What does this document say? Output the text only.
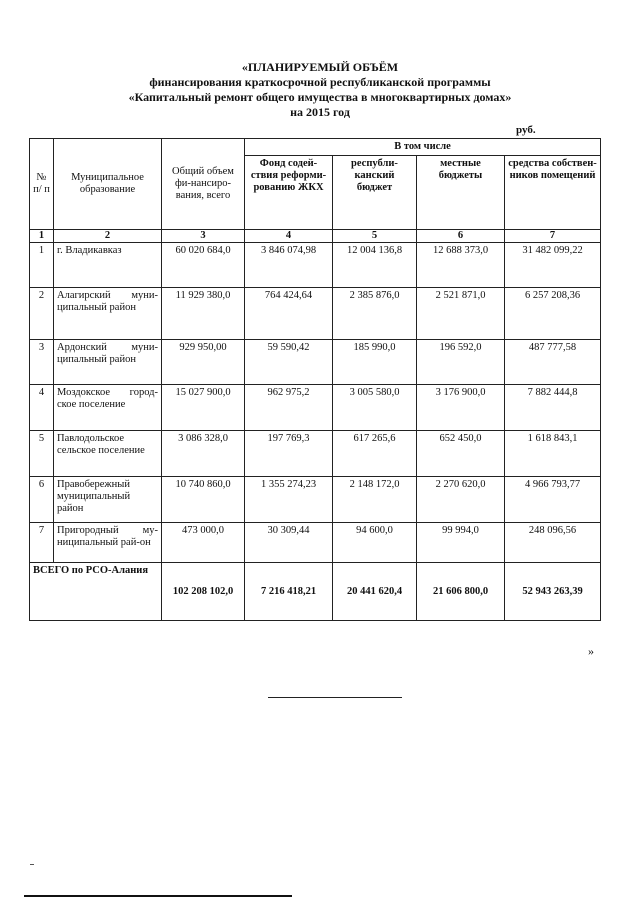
«ПЛАНИРУЕМЫЙ ОБЪЁМ
финансирования краткосрочной республиканской программы
«Капитальный ремонт общего имущества в многоквартирных домах»
на 2015 год
руб.
№ п/ п	Муниципальное образование	Общий объем фи-нансиро-вания, всего	В том числе			
			Фонд содей-ствия реформи-рованию ЖКХ	республи-канский бюджет	местные бюджеты	средства собствен-ников помещений
1	2	3	4	5	6	7
1	г. Владикавказ	60 020 684,0	3 846 074,98	12 004 136,8	12 688 373,0	31 482 099,22
2	Алагирский муни-ципальный район	11 929 380,0	764 424,64	2 385 876,0	2 521 871,0	6 257 208,36
3	Ардонский муни-ципальный район	929 950,00	59 590,42	185 990,0	196 592,0	487 777,58
4	Моздокское город-ское поселение	15 027 900,0	962 975,2	3 005 580,0	3 176 900,0	7 882 444,8
5	Павлодольское сельское поселение	3 086 328,0	197 769,3	617 265,6	652 450,0	1 618 843,1
6	Правобережный муниципальный район	10 740 860,0	1 355 274,23	2 148 172,0	2 270 620,0	4 966 793,77
7	Пригородный му-ниципальный рай-он	473 000,0	30 309,44	94 600,0	99 994,0	248 096,56
ВСЕГО по РСО-Алания		102 208 102,0	7 216 418,21	20 441 620,4	21 606 800,0	52 943 263,39
»
